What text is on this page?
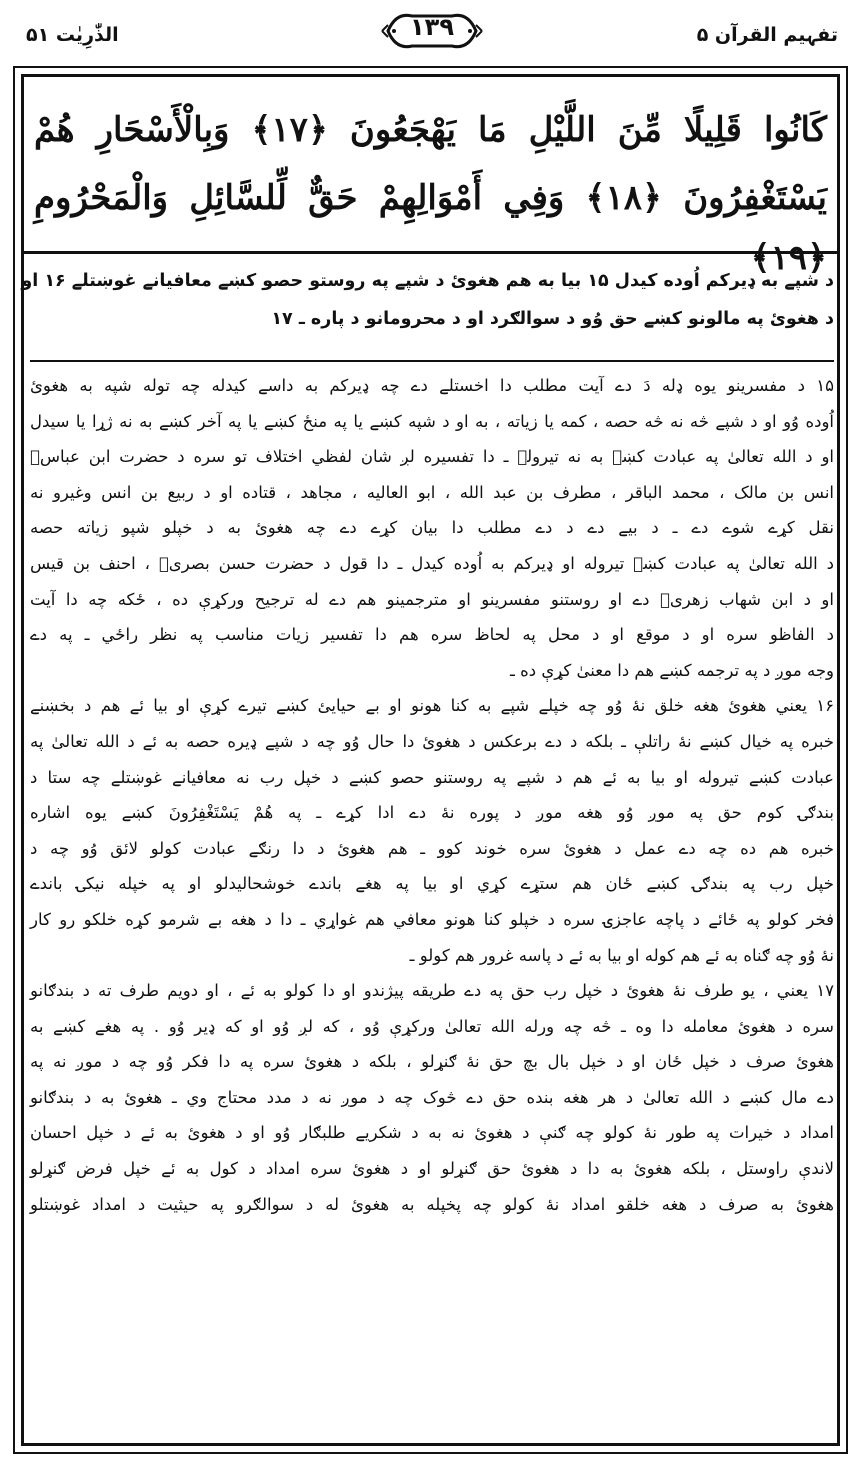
الذّٰرِیٰت ۵۱	۱۳۹	تفہیم القرآن ۵
كَانُوا قَلِيلًا مِّنَ اللَّيْلِ مَا يَهْجَعُونَ ﴿١٧﴾ وَبِالْأَسْحَارِ هُمْ
يَسْتَغْفِرُونَ ﴿١٨﴾ وَفِي أَمْوَالِهِمْ حَقٌّ لِّلسَّائِلِ وَالْمَحْرُومِ ﴿١٩﴾
د شپے به ډیرکم اُوده کیدل ۱۵ بیا به هم هغوئ د شپے په روستو حصو کښے معافیانے غوښتلے ۱۶ او
د هغوئ په مالونو کښے حق وُو د سوالګرد او د محرومانو د پاره ـ ۱۷
۱۵ د مفسرینو یوه ډله دَ دے آیت مطلب دا اخستلے دے چه ډیرکم به داسے کیدله چه توله شپه به هغوئ
اُوده وُو او د شپے څه نه څه حصه ، کمه یا زیاته ، به او د شپه کښے یا په منځ کښے یا په آخر کښے به نه ژړا یا سیدل
او د الله تعالیٰ په عبادت کښے به نه تیرولے ـ دا تفسیره لږ شان لفظي اختلاف تو سره د حضرت ابن عباسؓ
انس بن مالک ، محمد الباقر ، مطرف بن عبد الله ، ابو العالیه ، مجاهد ، قتاده او د ربیع بن انس وغیرو نه
نقل کړے شوے دے ـ د بیے دے د دے مطلب دا بیان کړے دے چه هغوئ به د خپلو شپو زیاته حصه
د الله تعالیٰ په عبادت کښے تیروله او ډیرکم به اُوده کیدل ـ دا قول د حضرت حسن بصریؒ ، احنف بن قیس
او د ابن شهاب زهریؒ دے او روستنو مفسرینو او مترجمینو هم دے له ترجیح ورکړې ده ، ځکه چه دا آیت
د الفاظو سره او د موقع او د محل په لحاظ سره هم دا تفسیر زیات مناسب په نظر راځي ـ په دے
وجه موږ د په ترجمه کښے هم دا معنیٰ کړې ده ـ
۱۶ یعني هغوئ هغه خلق نهٔ وُو چه خپلے شپے به کنا هونو او بے حیایئ کښے تیرے کړې او بیا ئے هم د بخښنے
خبره په خیال کښے نهٔ راتلې ـ بلکه د دے برعکس د هغوئ دا حال وُو چه د شپے ډیره حصه به ئے د الله تعالیٰ په
عبادت کښے تیروله او بیا به ئے هم د شپے په روستنو حصو کښے د خپل رب نه معافیانے غوښتلے چه ستا د
بندګۍ کوم حق په موږ وُو هغه موږ د پوره نهٔ دے ادا کړے ـ په هُمْ يَسْتَغْفِرُونَ کښے یوه اشاره
خبره هم ده چه دے عمل د هغوئ سره خوند کوو ـ هم هغوئ د دا رنګے عبادت کولو لائق وُو چه د
خپل رب په بندګۍ کښے ځان هم ستړے کړي او بیا په هغے باندے خوشحالیدلو او په خپله نیکۍ باندے
فخر کولو په ځائے د پاچه عاجزۍ سره د خپلو کنا هونو معافي هم غواړي ـ دا د هغه بے شرمو کړه خلکو رو کار
نهٔ وُو چه ګناه به ئے هم کوله او بیا به ئے د پاسه غرور هم کولو ـ
۱۷ یعني ، یو طرف نهٔ هغوئ د خپل رب حق په دے طریقه پیژندو او دا کولو به ئے ، او دویم طرف ته د بندګانو
سره د هغوئ معامله دا وه ـ څه چه ورله الله تعالیٰ ورکړې وُو ، که لږ وُو او که ډیر وُو . په هغے کښے به
هغوئ صرف د خپل ځان او د خپل بال بچ حق نهٔ ګنړلو ، بلکه د هغوئ سره په دا فکر وُو چه د موږ نه په
دے مال کښے د الله تعالیٰ د هر هغه بنده حق دے څوک چه د موږ نه د مدد محتاج وي ـ هغوئ به د بندګانو
امداد د خیرات په طور نهٔ کولو چه ګنې د هغوئ نه به د شکریے طلبګار وُو او د هغوئ به ئے د خپل احسان
لاندې راوستل ، بلکه هغوئ به دا د هغوئ حق ګنړلو او د هغوئ سره امداد د کول به ئے خپل فرض ګنړلو
هغوئ به صرف د هغه خلقو امداد نهٔ کولو چه پخپله به هغوئ له د سوالګرو په حیثیت د امداد غوښتلو
